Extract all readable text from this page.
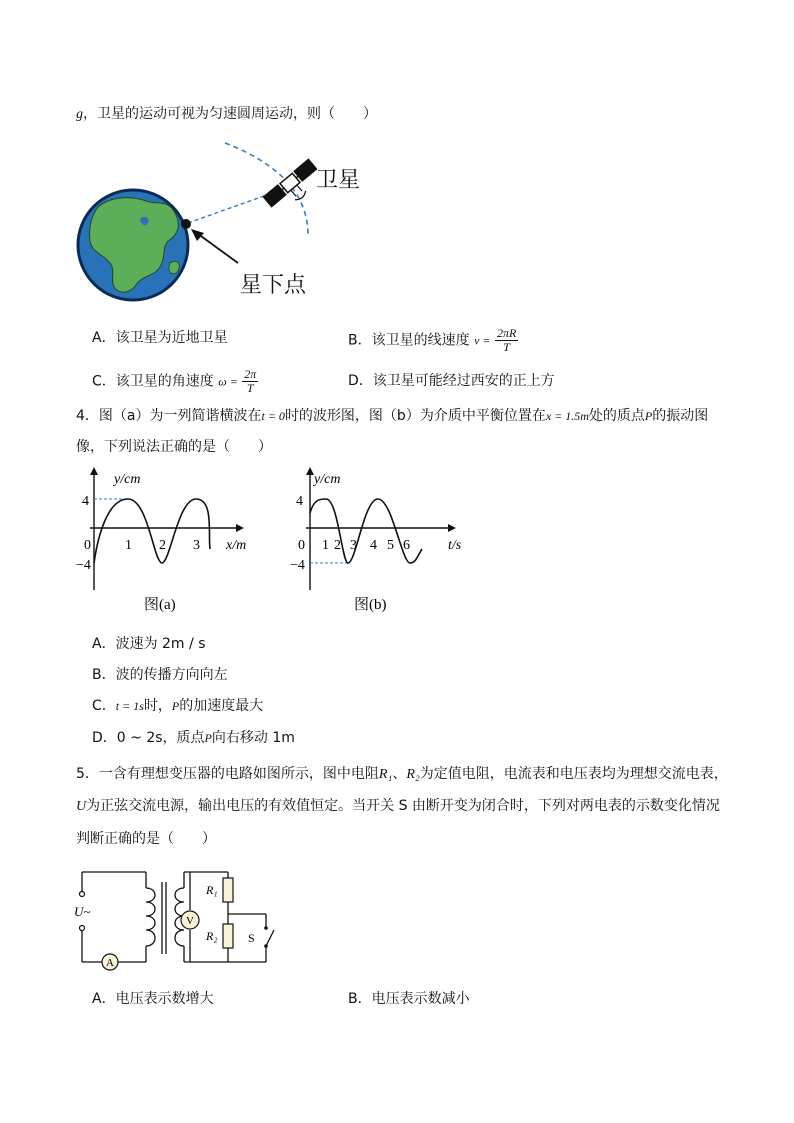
g，卫星的运动可视为匀速圆周运动，则（　　）
卫星
星下点
A．该卫星为近地卫星	B．该卫星的线速度 $v = \frac{2\pi R}{T}$
C．该卫星的角速度 $\omega = \frac{2\pi}{T}$	D．该卫星可能经过西安的正上方
4．图（a）为一列简谐横波在t = 0时的波形图，图（b）为介质中平衡位置在x = 1.5m处的质点P的振动图
像，下列说法正确的是（　　）
y/cm
4
−4
0 1 2 3 x/m
图(a)
y/cm
4
−4
0 1 2 3 4 5 6	t/s
图(b)
A．波速为 2m / s
B．波的传播方向向左
C．t = 1s时，P的加速度最大
D．0 ~ 2s，质点P向右移动 1m
5．一含有理想变压器的电路如图所示，图中电阻R₁、R₂为定值电阻，电流表和电压表均为理想交流电表，
U为正弦交流电源，输出电压的有效值恒定。当开关 S 由断开变为闭合时，下列对两电表的示数变化情况
判断正确的是（　　）
U~
A
V
R₁
R₂	S
A．电压表示数增大	B．电压表示数减小
